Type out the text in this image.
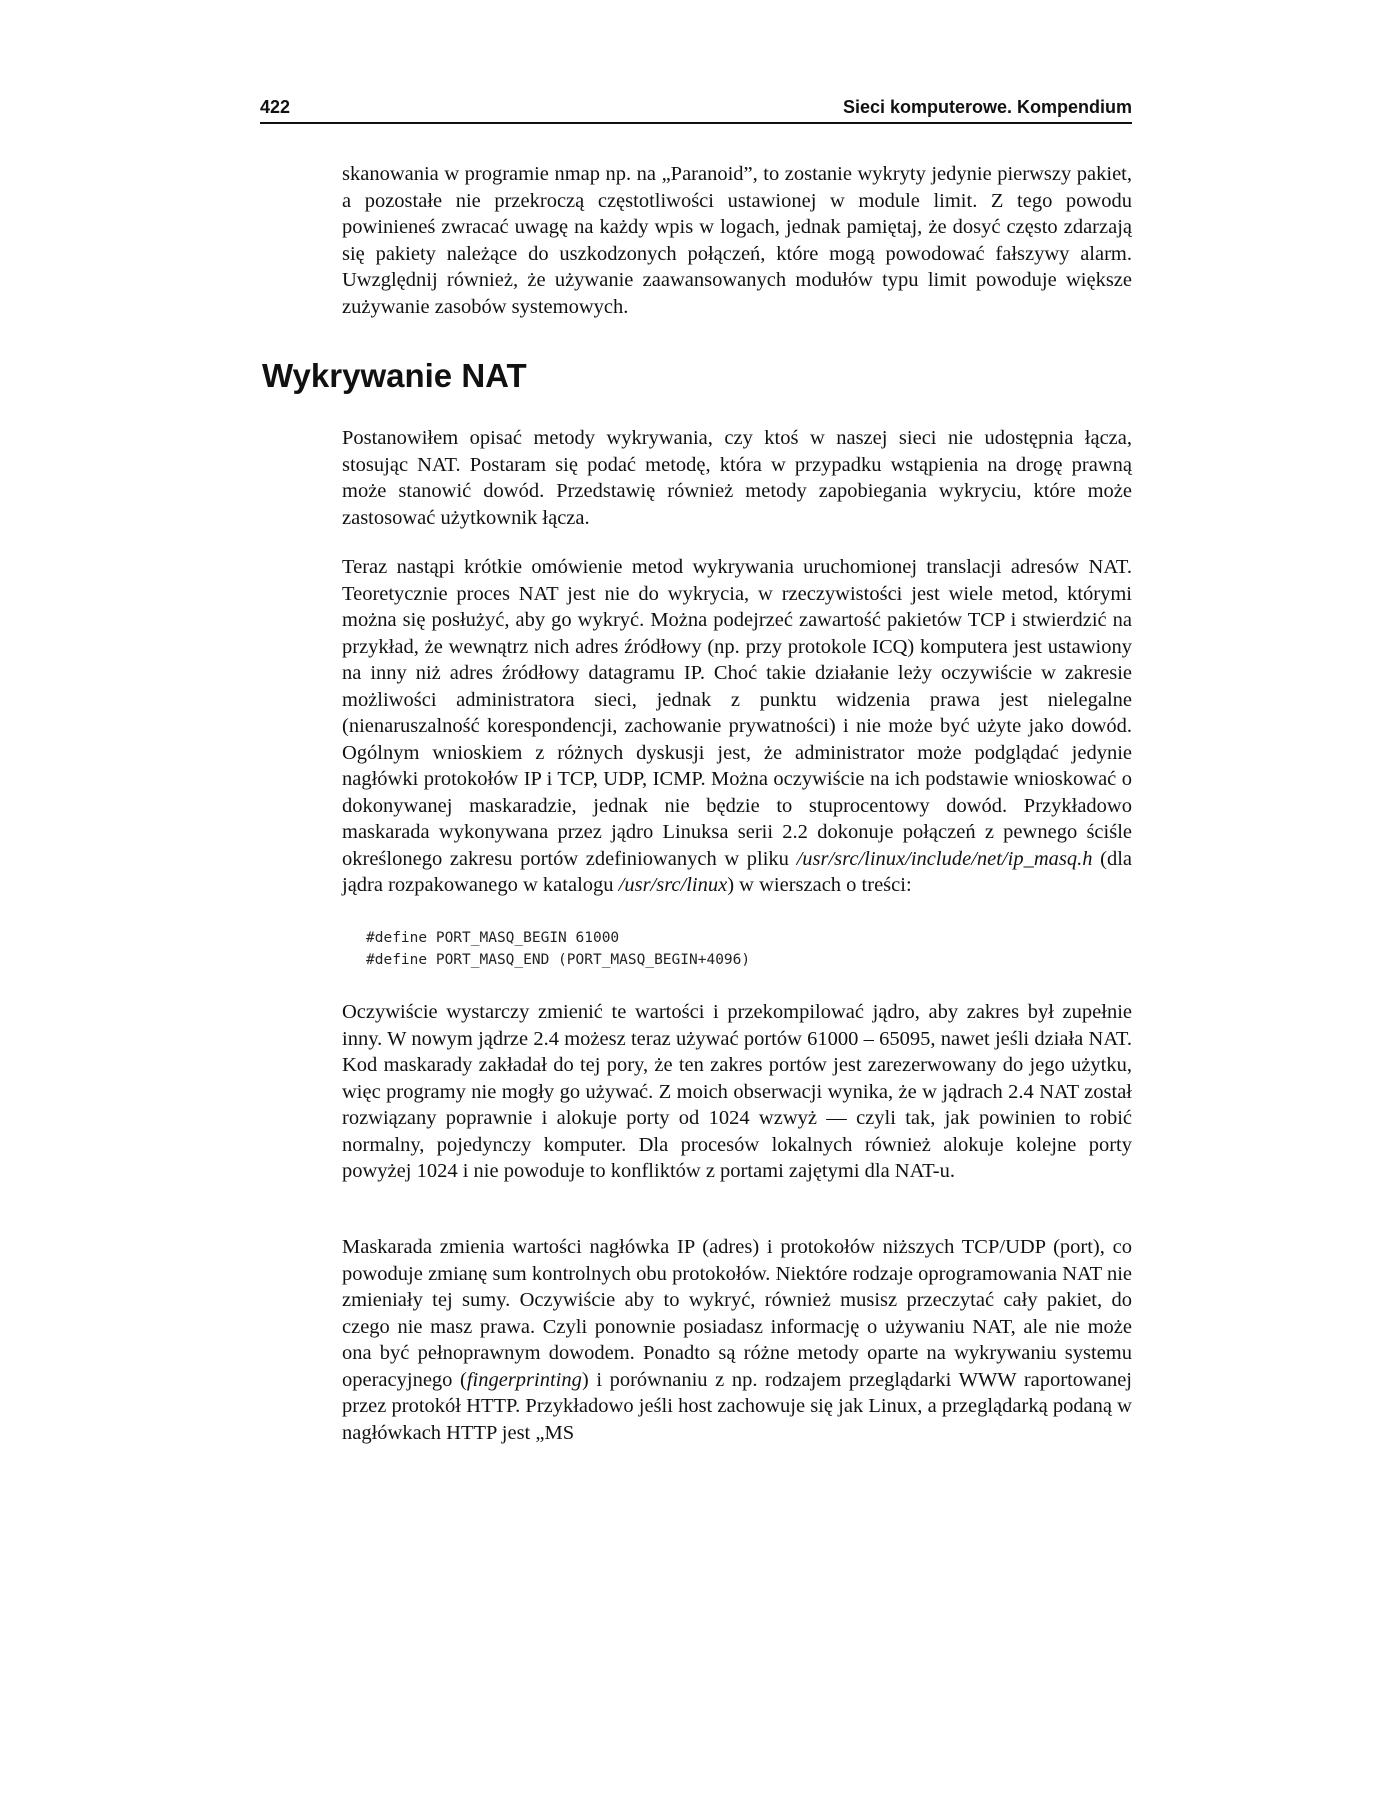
422	Sieci komputerowe. Kompendium

skanowania w programie nmap np. na „Paranoid”, to zostanie wykryty jedynie pierwszy pakiet, a pozostałe nie przekroczą częstotliwości ustawionej w module limit. Z tego powodu powinieneś zwracać uwagę na każdy wpis w logach, jednak pamiętaj, że dosyć często zdarzają się pakiety należące do uszkodzonych połączeń, które mogą powodować fałszywy alarm. Uwzględnij również, że używanie zaawansowanych modułów typu limit powoduje większe zużywanie zasobów systemowych.

Wykrywanie NAT

Postanowiłem opisać metody wykrywania, czy ktoś w naszej sieci nie udostępnia łącza, stosując NAT. Postaram się podać metodę, która w przypadku wstąpienia na drogę prawną może stanowić dowód. Przedstawię również metody zapobiegania wykryciu, które może zastosować użytkownik łącza.

Teraz nastąpi krótkie omówienie metod wykrywania uruchomionej translacji adresów NAT. Teoretycznie proces NAT jest nie do wykrycia, w rzeczywistości jest wiele metod, którymi można się posłużyć, aby go wykryć. Można podejrzeć zawartość pakietów TCP i stwierdzić na przykład, że wewnątrz nich adres źródłowy (np. przy protokole ICQ) komputera jest ustawiony na inny niż adres źródłowy datagramu IP. Choć takie działanie leży oczywiście w zakresie możliwości administratora sieci, jednak z punktu widzenia prawa jest nielegalne (nienaruszalność korespondencji, zachowanie prywatności) i nie może być użyte jako dowód. Ogólnym wnioskiem z różnych dyskusji jest, że administrator może podglądać jedynie nagłówki protokołów IP i TCP, UDP, ICMP. Można oczywiście na ich podstawie wnioskować o dokonywanej maskaradzie, jednak nie będzie to stuprocentowy dowód. Przykładowo maskarada wykonywana przez jądro Linuksa serii 2.2 dokonuje połączeń z pewnego ściśle określonego zakresu portów zdefiniowanych w pliku /usr/src/linux/include/net/ip_masq.h (dla jądra rozpakowanego w katalogu /usr/src/linux) w wierszach o treści:

#define PORT_MASQ_BEGIN 61000
#define PORT_MASQ_END (PORT_MASQ_BEGIN+4096)

Oczywiście wystarczy zmienić te wartości i przekompilować jądro, aby zakres był zupełnie inny. W nowym jądrze 2.4 możesz teraz używać portów 61000 – 65095, nawet jeśli działa NAT. Kod maskarady zakładał do tej pory, że ten zakres portów jest zarezerwowany do jego użytku, więc programy nie mogły go używać. Z moich obserwacji wynika, że w jądrach 2.4 NAT został rozwiązany poprawnie i alokuje porty od 1024 wzwyż — czyli tak, jak powinien to robić normalny, pojedynczy komputer. Dla procesów lokalnych również alokuje kolejne porty powyżej 1024 i nie powoduje to konfliktów z portami zajętymi dla NAT-u.

Maskarada zmienia wartości nagłówka IP (adres) i protokołów niższych TCP/UDP (port), co powoduje zmianę sum kontrolnych obu protokołów. Niektóre rodzaje oprogramowania NAT nie zmieniały tej sumy. Oczywiście aby to wykryć, również musisz przeczytać cały pakiet, do czego nie masz prawa. Czyli ponownie posiadasz informację o używaniu NAT, ale nie może ona być pełnoprawnym dowodem. Ponadto są różne metody oparte na wykrywaniu systemu operacyjnego (fingerprinting) i porównaniu z np. rodzajem przeglądarki WWW raportowanej przez protokół HTTP. Przykładowo jeśli host zachowuje się jak Linux, a przeglądarką podaną w nagłówkach HTTP jest „MS
